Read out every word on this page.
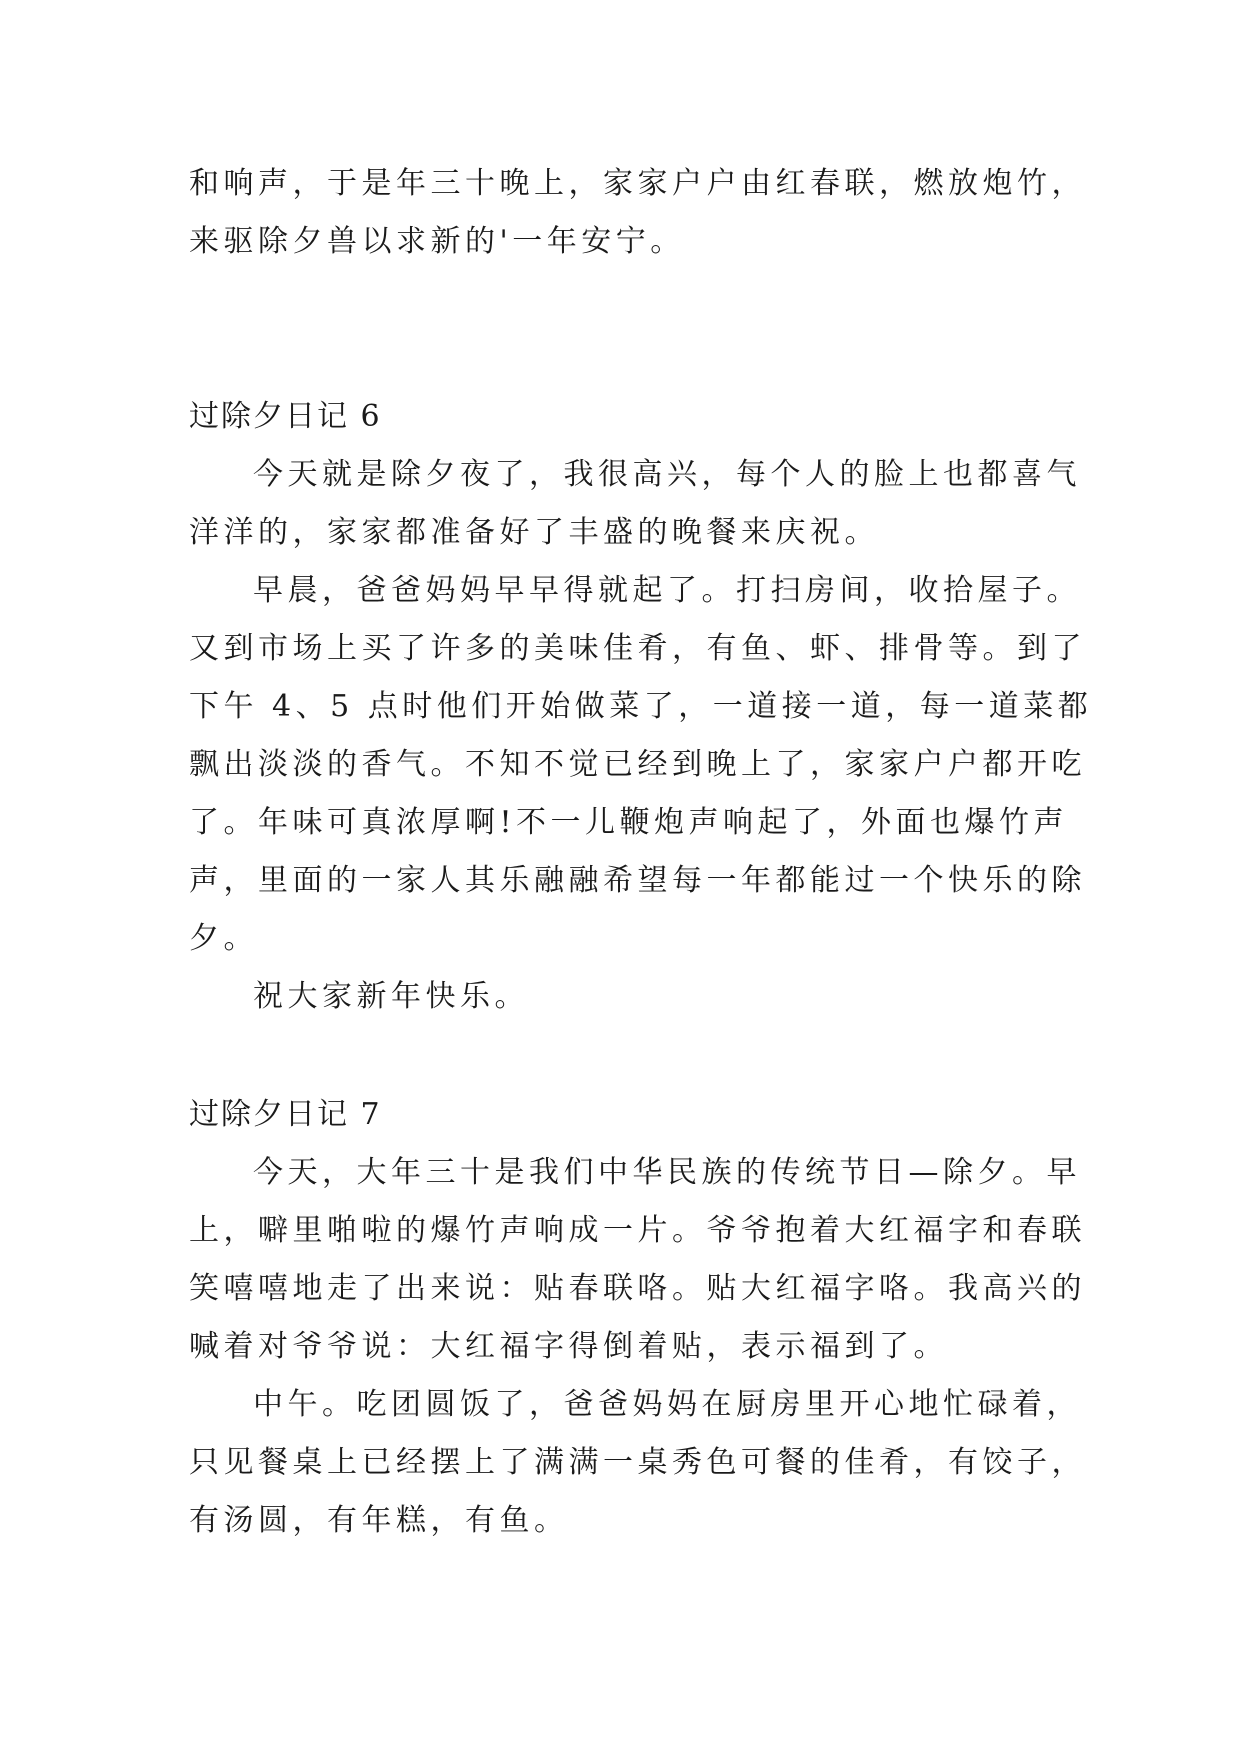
和响声，于是年三十晚上，家家户户由红春联，燃放炮竹，
来驱除夕兽以求新的'一年安宁。
过除夕日记 6
今天就是除夕夜了，我很高兴，每个人的脸上也都喜气
洋洋的，家家都准备好了丰盛的晚餐来庆祝。
早晨，爸爸妈妈早早得就起了。打扫房间，收拾屋子。
又到市场上买了许多的美味佳肴，有鱼、虾、排骨等。到了
下午 4、5 点时他们开始做菜了，一道接一道，每一道菜都
飘出淡淡的香气。不知不觉已经到晚上了，家家户户都开吃
了。年味可真浓厚啊!不一儿鞭炮声响起了，外面也爆竹声
声，里面的一家人其乐融融希望每一年都能过一个快乐的除
夕。
祝大家新年快乐。
过除夕日记 7
今天，大年三十是我们中华民族的传统节日—除夕。早
上，噼里啪啦的爆竹声响成一片。爷爷抱着大红福字和春联
笑嘻嘻地走了出来说：贴春联咯。贴大红福字咯。我高兴的
喊着对爷爷说：大红福字得倒着贴，表示福到了。
中午。吃团圆饭了，爸爸妈妈在厨房里开心地忙碌着，
只见餐桌上已经摆上了满满一桌秀色可餐的佳肴，有饺子，
有汤圆，有年糕，有鱼。
